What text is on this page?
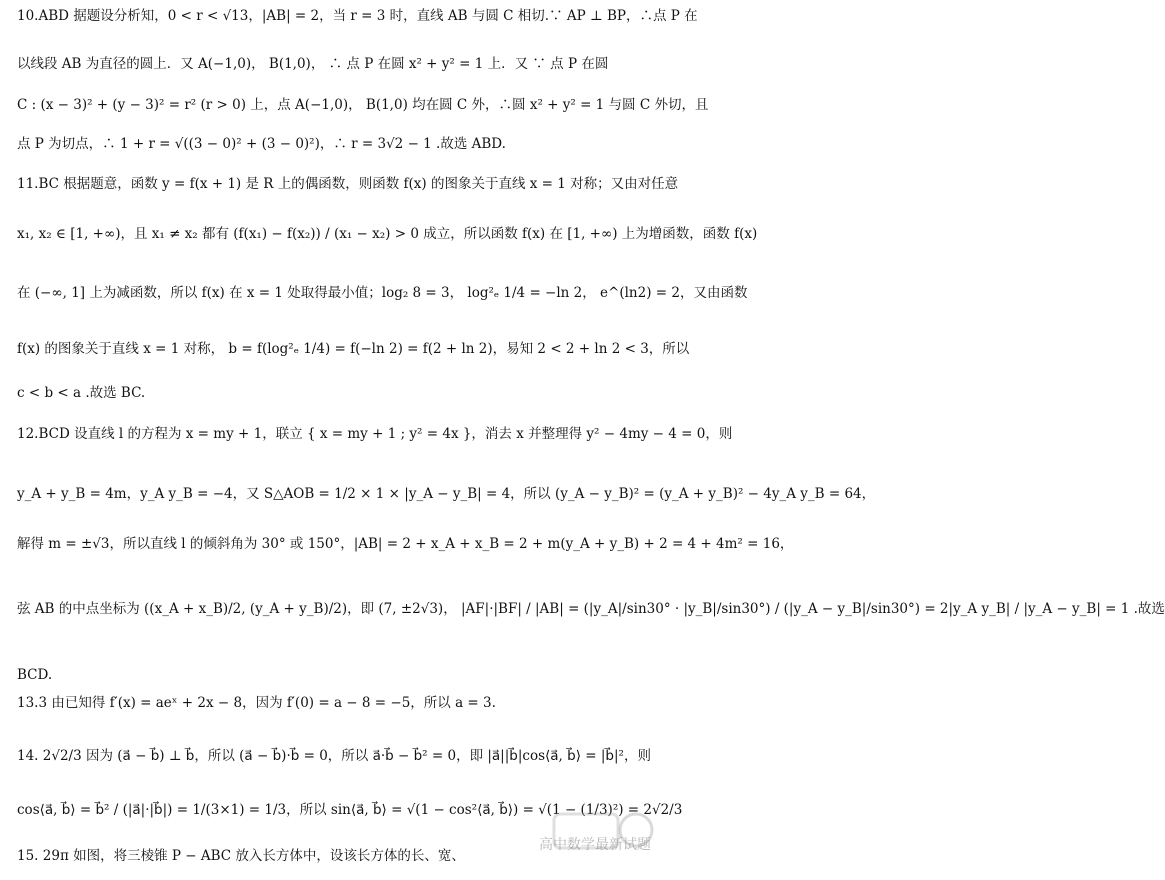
10.ABD 据题设分析知，0 < r < √13，|AB| = 2，当 r = 3 时，直线 AB 与圆 C 相切.∵ AP ⊥ BP，∴点 P 在
以线段 AB 为直径的圆上．又 A(−1,0)， B(1,0)， ∴ 点 P 在圆 x² + y² = 1 上．又 ∵ 点 P 在圆
C : (x − 3)² + (y − 3)² = r² (r > 0) 上，点 A(−1,0)， B(1,0) 均在圆 C 外，∴圆 x² + y² = 1 与圆 C 外切，且
点 P 为切点，∴ 1 + r = √((3 − 0)² + (3 − 0)²)，∴ r = 3√2 − 1 .故选 ABD.
11.BC 根据题意，函数 y = f(x + 1) 是 R 上的偶函数，则函数 f(x) 的图象关于直线 x = 1 对称；又由对任意
x₁, x₂ ∈ [1, +∞)，且 x₁ ≠ x₂ 都有 (f(x₁) − f(x₂)) / (x₁ − x₂) > 0 成立，所以函数 f(x) 在 [1, +∞) 上为增函数，函数 f(x)
在 (−∞, 1] 上为减函数，所以 f(x) 在 x = 1 处取得最小值；log₂ 8 = 3， log²ₑ 1/4 = −ln 2， e^(ln2) = 2，又由函数
f(x) 的图象关于直线 x = 1 对称， b = f(log²ₑ 1/4) = f(−ln 2) = f(2 + ln 2)，易知 2 < 2 + ln 2 < 3，所以
c < b < a .故选 BC.
12.BCD 设直线 l 的方程为 x = my + 1，联立 { x = my + 1 ; y² = 4x }，消去 x 并整理得 y² − 4my − 4 = 0，则
y_A + y_B = 4m，y_A y_B = −4，又 S△AOB = 1/2 × 1 × |y_A − y_B| = 4，所以 (y_A − y_B)² = (y_A + y_B)² − 4y_A y_B = 64，
解得 m = ±√3，所以直线 l 的倾斜角为 30° 或 150°，|AB| = 2 + x_A + x_B = 2 + m(y_A + y_B) + 2 = 4 + 4m² = 16，
弦 AB 的中点坐标为 ((x_A + x_B)/2, (y_A + y_B)/2)，即 (7, ±2√3)， |AF|·|BF| / |AB| = (|y_A|/sin30° · |y_B|/sin30°) / (|y_A − y_B|/sin30°) = 2|y_A y_B| / |y_A − y_B| = 1 .故选
BCD.
13.3 由已知得 f′(x) = aeˣ + 2x − 8，因为 f′(0) = a − 8 = −5，所以 a = 3.
14. 2√2/3 因为 (a⃗ − b⃗) ⊥ b⃗，所以 (a⃗ − b⃗)·b⃗ = 0，所以 a⃗·b⃗ − b⃗² = 0，即 |a⃗||b⃗|cos⟨a⃗, b⃗⟩ = |b⃗|²，则
cos⟨a⃗, b⃗⟩ = b⃗² / (|a⃗|·|b⃗|) = 1/(3×1) = 1/3，所以 sin⟨a⃗, b⃗⟩ = √(1 − cos²⟨a⃗, b⃗⟩) = √(1 − (1/3)²) = 2√2/3
15. 29π 如图，将三棱锥 P − ABC 放入长方体中，设该长方体的长、宽、
高中数学最新试题
